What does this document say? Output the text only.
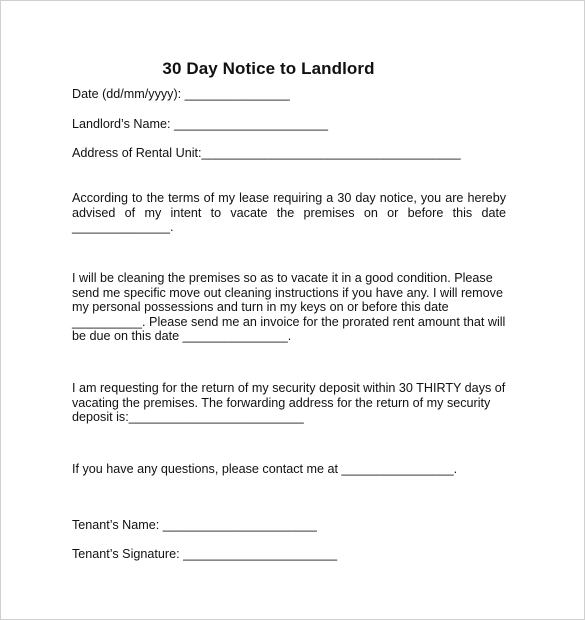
30 Day Notice to Landlord
Date (dd/mm/yyyy): _______________
Landlord’s Name: ______________________
Address of Rental Unit:_____________________________________
According to the terms of my lease requiring a 30 day notice, you are hereby
advised of my intent to vacate the premises on or before this date
______________.
I will be cleaning the premises so as to vacate it in a good condition. Please
send me specific move out cleaning instructions if you have any. I will remove
my personal possessions and turn in my keys on or before this date
__________. Please send me an invoice for the prorated rent amount that will
be due on this date _______________.
I am requesting for the return of my security deposit within 30 THIRTY days of
vacating the premises. The forwarding address for the return of my security
deposit is:_________________________
If you have any questions, please contact me at ________________.
Tenant’s Name: ______________________
Tenant’s Signature: ______________________
